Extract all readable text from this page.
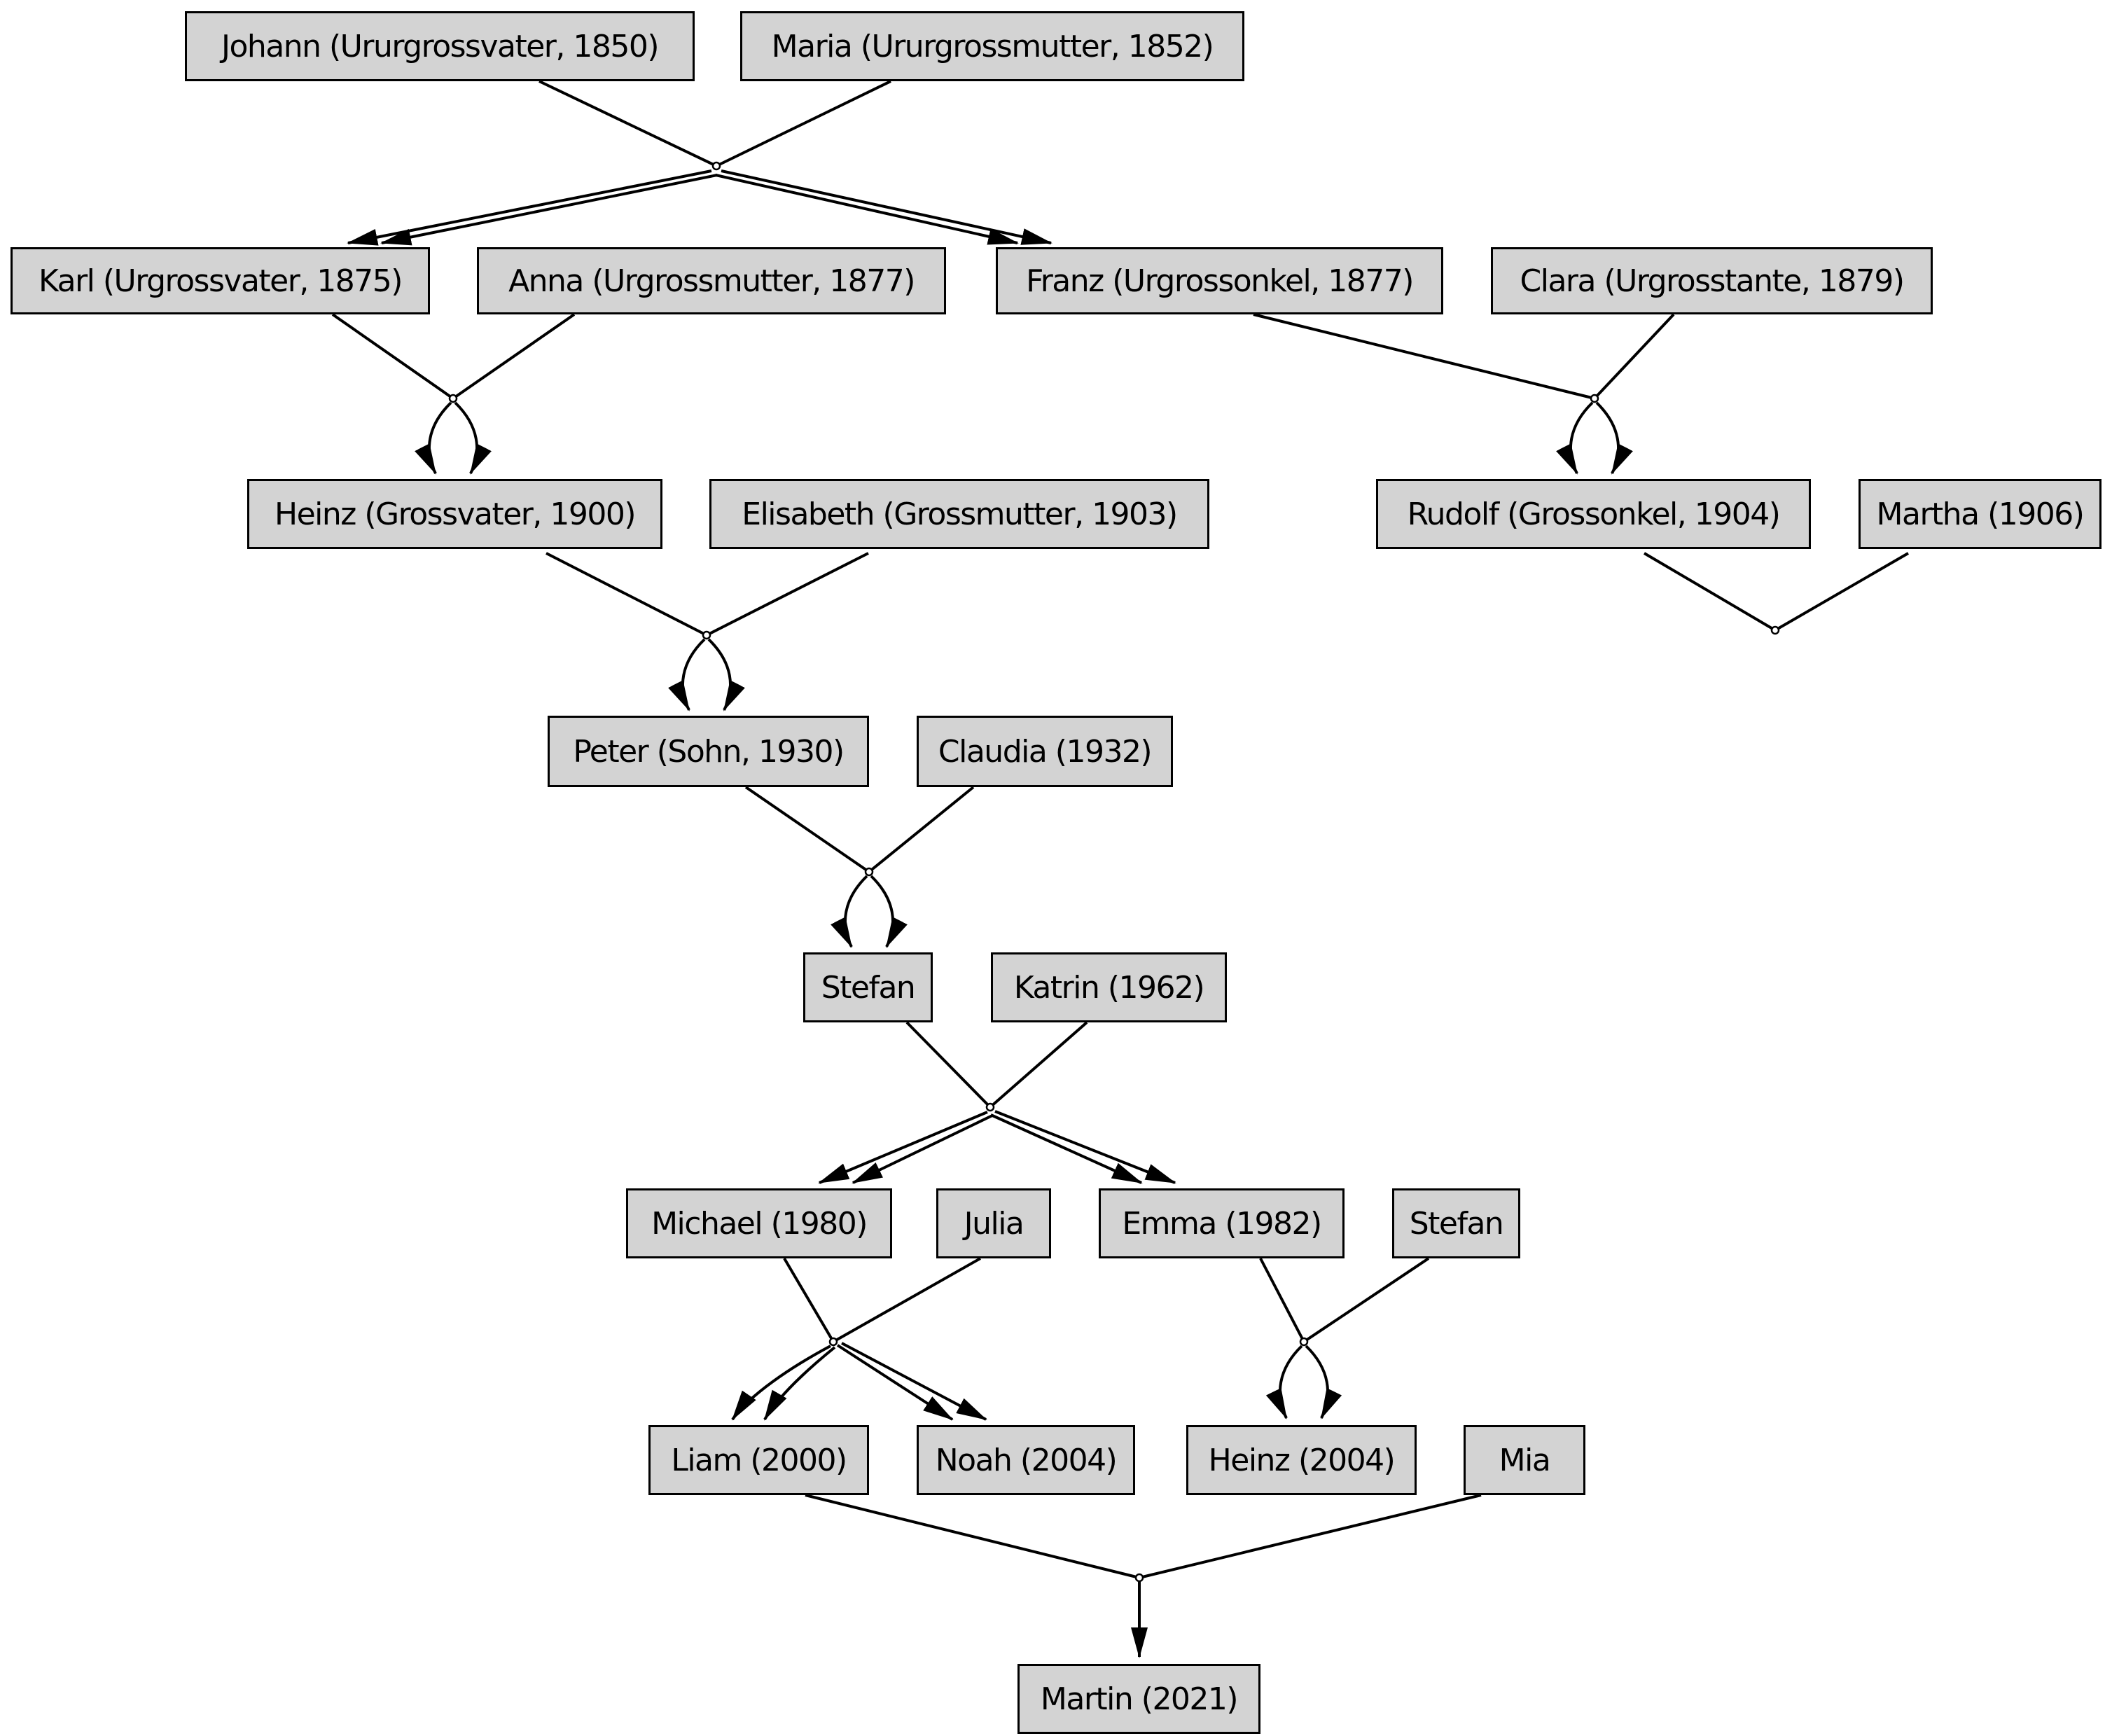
Johann (Ururgrossvater, 1850)	Maria (Ururgrossmutter, 1852)
Karl (Urgrossvater, 1875)	Anna (Urgrossmutter, 1877)	Franz (Urgrossonkel, 1877)	Clara (Urgrosstante, 1879)
Heinz (Grossvater, 1900)	Elisabeth (Grossmutter, 1903)	Rudolf (Grossonkel, 1904)	Martha (1906)
Peter (Sohn, 1930)	Claudia (1932)
Stefan	Katrin (1962)
Michael (1980)	Julia	Emma (1982)	Stefan
Liam (2000)	Noah (2004)	Heinz (2004)	Mia
Martin (2021)
